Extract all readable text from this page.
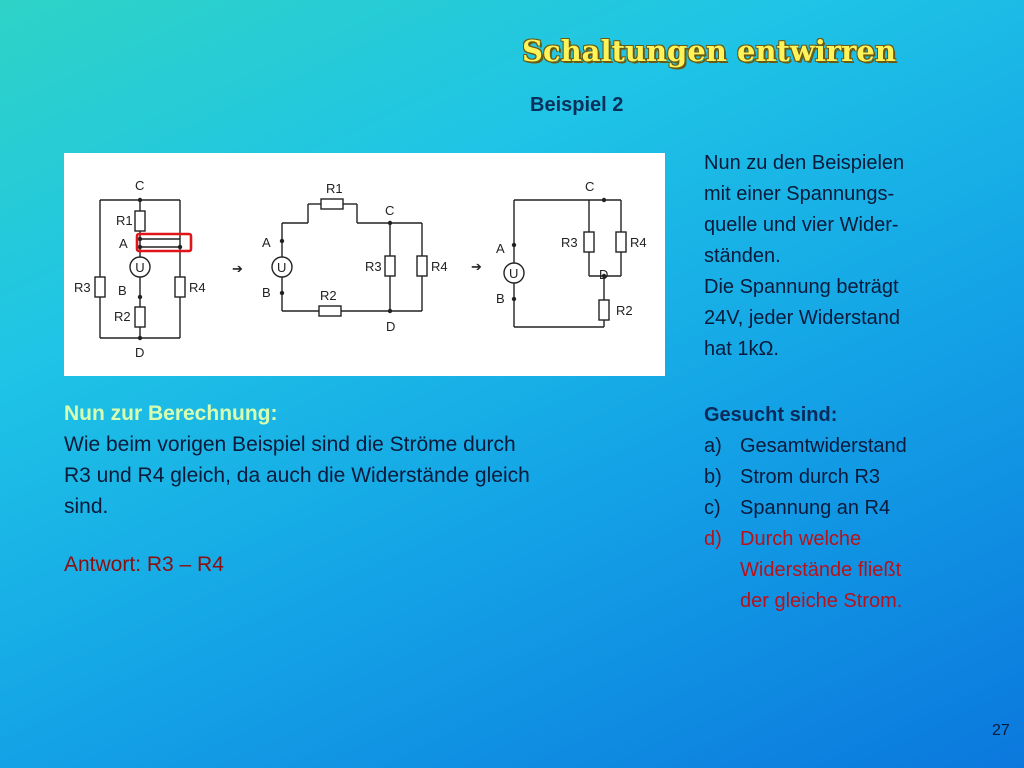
Schaltungen entwirren
Beispiel 2
C
R1
A
U
B
R3	R4
R2
D
➔
R1
C
A
U
B	R2
R3	R4
D
➔
C
A
U
B
R3	R4
D
R2
Nun zu den Beispielen
mit einer Spannungs-
quelle und vier Wider-
ständen.
Die Spannung beträgt
24V, jeder Widerstand
hat 1kΩ.
Nun zur Berechnung:
Wie beim vorigen Beispiel sind die Ströme durch
R3 und R4 gleich, da auch die Widerstände gleich
sind.
Antwort: R3 – R4
Gesucht sind:
a) Gesamtwiderstand
b) Strom durch R3
c) Spannung an R4
d) Durch welche
Widerstände fließt
der gleiche Strom.
27
